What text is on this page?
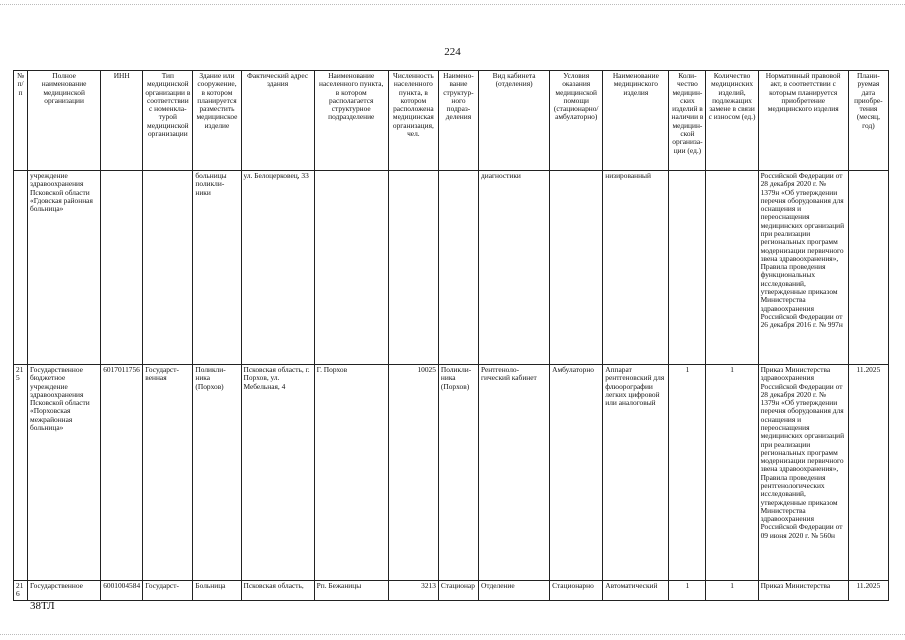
224
№ п/п	Полное наименование медицинской организации	ИНН	Тип медицинской организации в соответствии с номенкла-турой медицинской организации	Здание или сооружение, в котором планируется разместить медицинское изделие	Фактический адрес здания	Наименование населенного пункта, в котором располагается структурное подразделение	Численность населенного пункта, в котором расположена медицинская организация, чел.	Наимено-вание структур-ного подраз-деления	Вид кабинета (отделения)	Условия оказания медицинской помощи (стационарно/ амбулаторно)	Наименование медицинского изделия	Коли-чество медицин-ских изделий в наличии в медицин-ской организа-ции (ед.)	Количество медицинских изделий, подлежащих замене в связи с износом (ед.)	Нормативный правовой акт, в соответствии с которым планируется приобретение медицинского изделия	Плани-руемая дата приобре-тения (месяц, год)
	учреждение здравоохранения Псковской области «Гдовская районная больница»			больницы поликли-ники	ул. Белоцерковец, 33				диагностики		низированный			Российской Федерации от 28 декабря 2020 г. № 1379н «Об утверждении перечня оборудования для оснащения и переоснащения медицинских организаций при реализации региональных программ модернизации первичного звена здравоохранения», Правила проведения функциональных исследований, утвержденные приказом Министерства здравоохранения Российской Федерации от 26 декабря 2016 г. № 997н	
215	Государственное бюджетное учреждение здравоохранения Псковской области «Порховская межрайонная больница»	6017011756	Государст-венная	Поликли-ника (Порхов)	Псковская область, г. Порхов, ул. Мебельная, 4	Г. Порхов	10025	Поликли-ника (Порхов)	Рентгеноло-гический кабинет	Амбулаторно	Аппарат рентгеновский для флюорографии легких цифровой или аналоговый	1	1	Приказ Министерства здравоохранения Российской Федерации от 28 декабря 2020 г. № 1379н «Об утверждении перечня оборудования для оснащения и переоснащения медицинских организаций при реализации региональных программ модернизации первичного звена здравоохранения», Правила проведения рентгенологических исследований, утвержденные приказом Министерства здравоохранения Российской Федерации от 09 июня 2020 г. № 560н	11.2025
216	Государственное	6001004584	Государст-	Больница	Псковская область,	Рп. Бежаницы	3213	Стационар	Отделение	Стационарно	Автоматический	1	1	Приказ Министерства	11.2025
38ТЛ
